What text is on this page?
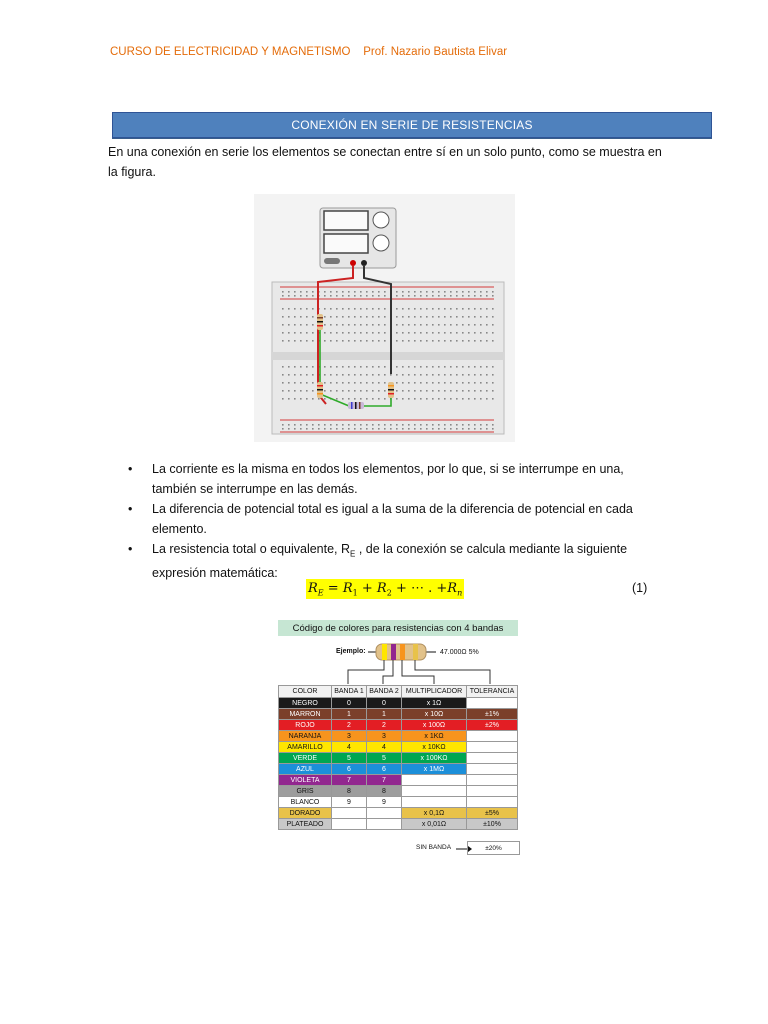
CURSO DE ELECTRICIDAD Y MAGNETISMO    Prof. Nazario Bautista Elivar
CONEXIÓN EN SERIE DE RESISTENCIAS
En una conexión en serie los elementos se conectan entre sí en un solo punto, como se muestra en la figura.
• La corriente es la misma en todos los elementos, por lo que, si se interrumpe en una, también se interrumpe en las demás.
• La diferencia de potencial total es igual a la suma de la diferencia de potencial en cada elemento.
• La resistencia total o equivalente, $R_E$ , de la conexión se calcula mediante la siguiente expresión matemática:
$R_E = R_1 + R_2$ + ⋯ . $+R_n$	(1)
Código de colores para resistencias con 4 bandas
Ejemplo:	47.000Ω 5%
COLOR	BANDA 1	BANDA 2	MULTIPLICADOR	TOLERANCIA
NEGRO	0	0	x 1Ω	
MARRON	1	1	x 10Ω	±1%
ROJO	2	2	x 100Ω	±2%
NARANJA	3	3	x 1KΩ	
AMARILLO	4	4	x 10KΩ	
VERDE	5	5	x 100KΩ	
AZUL	6	6	x 1MΩ	
VIOLETA	7	7		
GRIS	8	8		
BLANCO	9	9		
DORADO			x 0,1Ω	±5%
PLATEADO			x 0,01Ω	±10%
SIN BANDA	±20%
